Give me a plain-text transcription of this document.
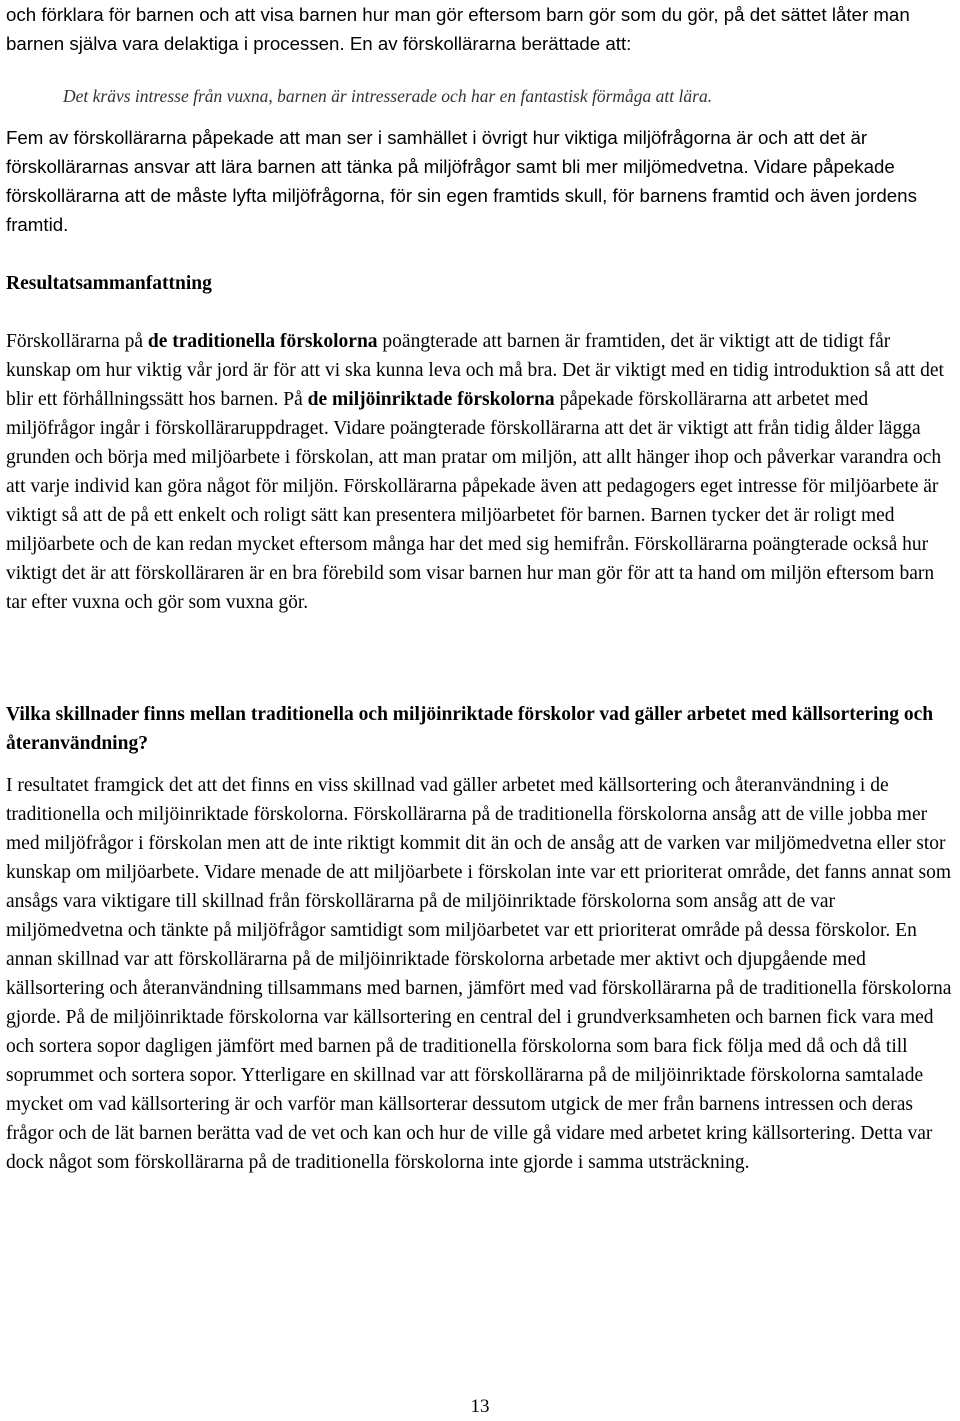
och förklara för barnen och att visa barnen hur man gör eftersom barn gör som du gör, på det sättet låter man barnen själva vara delaktiga i processen. En av förskollärarna berättade att:

Det krävs intresse från vuxna, barnen är intresserade och har en fantastisk förmåga att lära.

Fem av förskollärarna påpekade att man ser i samhället i övrigt hur viktiga miljöfrågorna är och att det är förskollärarnas ansvar att lära barnen att tänka på miljöfrågor samt bli mer miljömedvetna. Vidare påpekade förskollärarna att de måste lyfta miljöfrågorna, för sin egen framtids skull, för barnens framtid och även jordens framtid.

Resultatsammanfattning

Förskollärarna på de traditionella förskolorna poängterade att barnen är framtiden, det är viktigt att de tidigt får kunskap om hur viktig vår jord är för att vi ska kunna leva och må bra. Det är viktigt med en tidig introduktion så att det blir ett förhållningssätt hos barnen. På de miljöinriktade förskolorna påpekade förskollärarna att arbetet med miljöfrågor ingår i förskolläraruppdraget. Vidare poängterade förskollärarna att det är viktigt att från tidig ålder lägga grunden och börja med miljöarbete i förskolan, att man pratar om miljön, att allt hänger ihop och påverkar varandra och att varje individ kan göra något för miljön. Förskollärarna påpekade även att pedagogers eget intresse för miljöarbete är viktigt så att de på ett enkelt och roligt sätt kan presentera miljöarbetet för barnen. Barnen tycker det är roligt med miljöarbete och de kan redan mycket eftersom många har det med sig hemifrån. Förskollärarna poängterade också hur viktigt det är att förskolläraren är en bra förebild som visar barnen hur man gör för att ta hand om miljön eftersom barn tar efter vuxna och gör som vuxna gör.

Vilka skillnader finns mellan traditionella och miljöinriktade förskolor vad gäller arbetet med källsortering och återanvändning?

I resultatet framgick det att det finns en viss skillnad vad gäller arbetet med källsortering och återanvändning i de traditionella och miljöinriktade förskolorna. Förskollärarna på de traditionella förskolorna ansåg att de ville jobba mer med miljöfrågor i förskolan men att de inte riktigt kommit dit än och de ansåg att de varken var miljömedvetna eller stor kunskap om miljöarbete. Vidare menade de att miljöarbete i förskolan inte var ett prioriterat område, det fanns annat som ansågs vara viktigare till skillnad från förskollärarna på de miljöinriktade förskolorna som ansåg att de var miljömedvetna och tänkte på miljöfrågor samtidigt som miljöarbetet var ett prioriterat område på dessa förskolor. En annan skillnad var att förskollärarna på de miljöinriktade förskolorna arbetade mer aktivt och djupgående med källsortering och återanvändning tillsammans med barnen, jämfört med vad förskollärarna på de traditionella förskolorna gjorde. På de miljöinriktade förskolorna var källsortering en central del i grundverksamheten och barnen fick vara med och sortera sopor dagligen jämfört med barnen på de traditionella förskolorna som bara fick följa med då och då till soprummet och sortera sopor. Ytterligare en skillnad var att förskollärarna på de miljöinriktade förskolorna samtalade mycket om vad källsortering är och varför man källsorterar dessutom utgick de mer från barnens intressen och deras frågor och de lät barnen berätta vad de vet och kan och hur de ville gå vidare med arbetet kring källsortering. Detta var dock något som förskollärarna på de traditionella förskolorna inte gjorde i samma utsträckning.

13
